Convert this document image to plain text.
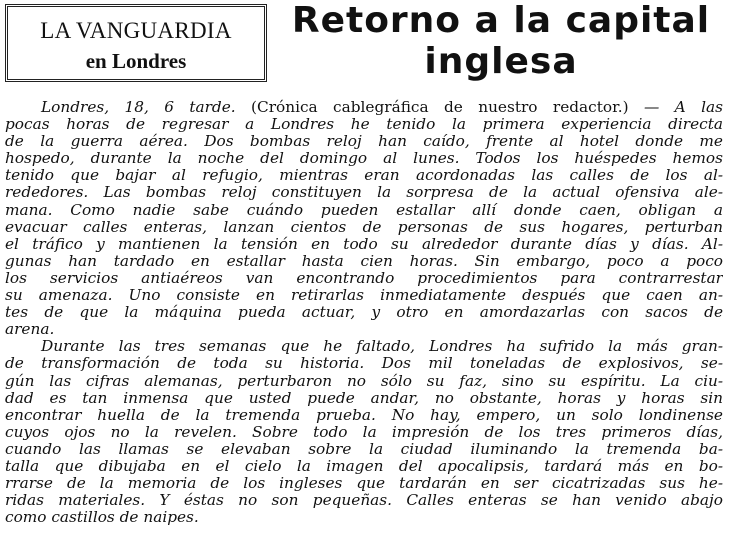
LA VANGUARDIA
en Londres
Retorno a la capital
inglesa
Londres, 18, 6 tarde. (Crónica cablegráfica de nuestro redactor.) — A las
pocas horas de regresar a Londres he tenido la primera experiencia directa
de la guerra aérea. Dos bombas reloj han caído, frente al hotel donde me
hospedo, durante la noche del domingo al lunes. Todos los huéspedes hemos
tenido que bajar al refugio, mientras eran acordonadas las calles de los al-
rededores. Las bombas reloj constituyen la sorpresa de la actual ofensiva ale-
mana. Como nadie sabe cuándo pueden estallar allí donde caen, obligan a
evacuar calles enteras, lanzan cientos de personas de sus hogares, perturban
el tráfico y mantienen la tensión en todo su alrededor durante días y días. Al-
gunas han tardado en estallar hasta cien horas. Sin embargo, poco a poco
los servicios antiaéreos van encontrando procedimientos para contrarrestar
su amenaza. Uno consiste en retirarlas inmediatamente después que caen an-
tes de que la máquina pueda actuar, y otro en amordazarlas con sacos de
arena.
Durante las tres semanas que he faltado, Londres ha sufrido la más gran-
de transformación de toda su historia. Dos mil toneladas de explosivos, se-
gún las cifras alemanas, perturbaron no sólo su faz, sino su espíritu. La ciu-
dad es tan inmensa que usted puede andar, no obstante, horas y horas sin
encontrar huella de la tremenda prueba. No hay, empero, un solo londinense
cuyos ojos no la revelen. Sobre todo la impresión de los tres primeros días,
cuando las llamas se elevaban sobre la ciudad iluminando la tremenda ba-
talla que dibujaba en el cielo la imagen del apocalipsis, tardará más en bo-
rrarse de la memoria de los ingleses que tardarán en ser cicatrizadas sus he-
ridas materiales. Y éstas no son pequeñas. Calles enteras se han venido abajo
como castillos de naipes.
